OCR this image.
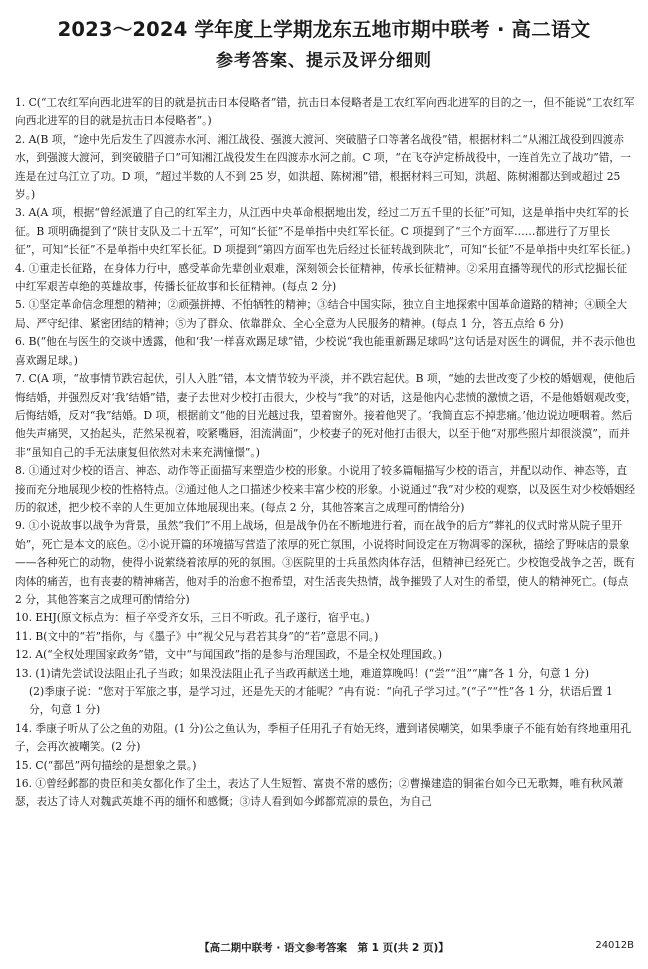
2023～2024 学年度上学期龙东五地市期中联考 · 高二语文
参考答案、提示及评分细则

1. C(“工农红军向西北进军的目的就是抗击日本侵略者”错，抗击日本侵略者是工农红军向西北进军的目的之一，但不能说“工农红军向西北进军的目的就是抗击日本侵略者”。)

2. A(B 项，“途中先后发生了四渡赤水河、湘江战役、强渡大渡河、突破腊子口等著名战役”错，根据材料二“从湘江战役到四渡赤水，到强渡大渡河，到突破腊子口”可知湘江战役发生在四渡赤水河之前。C 项，“在飞夺泸定桥战役中，一连首先立了战功”错，一连是在过乌江立了功。D 项，“超过半数的人不到 25 岁，如洪超、陈树湘”错，根据材料三可知，洪超、陈树湘都达到或超过 25 岁。)

3. A(A 项，根据“曾经派遣了自己的红军主力，从江西中央革命根据地出发，经过二万五千里的长征”可知，这是单指中央红军的长征。B 项明确提到了“陕甘支队及二十五军”，可知“长征”不是单指中央红军长征。C 项提到了“三个方面军……都进行了万里长征”，可知“长征”不是单指中央红军长征。D 项提到“第四方面军也先后经过长征转战到陕北”，可知“长征”不是单指中央红军长征。)

4. ①重走长征路，在身体力行中，感受革命先辈创业艰难，深刻领会长征精神，传承长征精神。②采用直播等现代的形式挖掘长征中红军艰苦卓绝的英雄故事，传播长征故事和长征精神。(每点 2 分)

5. ①坚定革命信念理想的精神；②顽强拼搏、不怕牺牲的精神；③结合中国实际，独立自主地探索中国革命道路的精神；④顾全大局、严守纪律、紧密团结的精神；⑤为了群众、依靠群众、全心全意为人民服务的精神。(每点 1 分，答五点给 6 分)

6. B(“他在与医生的交谈中透露，他和‘我’一样喜欢踢足球”错，少校说“我也能重新踢足球吗”这句话是对医生的调侃，并不表示他也喜欢踢足球。)

7. C(A 项，“故事情节跌宕起伏，引人入胜”错，本文情节较为平淡，并不跌宕起伏。B 项，“她的去世改变了少校的婚姻观，使他后悔结婚，并强烈反对‘我’结婚”错，妻子去世对少校打击很大，少校与“我”的对话，这是他内心悲愤的激愤之语，不是他婚姻观改变，后悔结婚，反对“我”结婚。D 项，根据前文“他的目光越过我，望着窗外。接着他哭了。‘我简直忘不掉悲痛。’他边说边哽咽着。然后他失声痛哭，又抬起头，茫然呆视着，咬紧嘴唇，泪流满面”，少校妻子的死对他打击很大，以至于他“对那些照片却很淡漠”，而并非“虽知自己的手无法康复但依然对未来充满憧憬”。)

8. ①通过对少校的语言、神态、动作等正面描写来塑造少校的形象。小说用了较多篇幅描写少校的语言，并配以动作、神态等，直接而充分地展现少校的性格特点。②通过他人之口描述少校来丰富少校的形象。小说通过“我”对少校的观察，以及医生对少校婚姻经历的叙述，把少校不幸的人生更加立体地展现出来。(每点 2 分，其他答案言之成理可酌情给分)

9. ①小说故事以战争为背景，虽然“我们”不用上战场，但是战争仍在不断地进行着，而在战争的后方“葬礼的仪式时常从院子里开始”，死亡是本文的底色。②小说开篇的环境描写营造了浓厚的死亡氛围，小说将时间设定在万物凋零的深秋，描绘了野味店的景象——各种死亡的动物，使得小说萦绕着浓厚的死的氛围。③医院里的士兵虽然肉体存活，但精神已经死亡。少校饱受战争之苦，既有肉体的痛苦，也有丧妻的精神痛苦，他对手的治愈不抱希望，对生活丧失热情，战争摧毁了人对生的希望，使人的精神死亡。(每点 2 分，其他答案言之成理可酌情给分)

10. EHJ(原文标点为：桓子卒受齐女乐，三日不听政。孔子遂行，宿乎屯。)

11. B(文中的“若”指你，与《墨子》中“视父兄与君若其身”的“若”意思不同。)

12. A(“全权处理国家政务”错，文中“与闻国政”指的是参与治理国政，不是全权处理国政。)

13. (1)请先尝试设法阻止孔子当政；如果没法阻止孔子当政再献送土地，难道算晚吗！(“尝”“沮”“庸”各 1 分，句意 1 分)

(2)季康子说：“您对于军旅之事，是学习过，还是先天的才能呢？”冉有说：“向孔子学习过。”(“子”“性”各 1 分，状语后置 1 分，句意 1 分)

14. 季康子听从了公之鱼的劝阻。(1 分)公之鱼认为，季桓子任用孔子有始无终，遭到诸侯嘲笑，如果季康子不能有始有终地重用孔子，会再次被嘲笑。(2 分)

15. C(“都邑”两句描绘的是想象之景。)

16. ①曾经邺都的贵臣和美女都化作了尘土，表达了人生短暂、富贵不常的感伤；②曹操建造的铜雀台如今已无歌舞，唯有秋风萧瑟，表达了诗人对魏武英雄不再的缅怀和感慨；③诗人看到如今邺都荒凉的景色，为自己

【高二期中联考 · 语文参考答案　第 1 页(共 2 页)】	24012B
